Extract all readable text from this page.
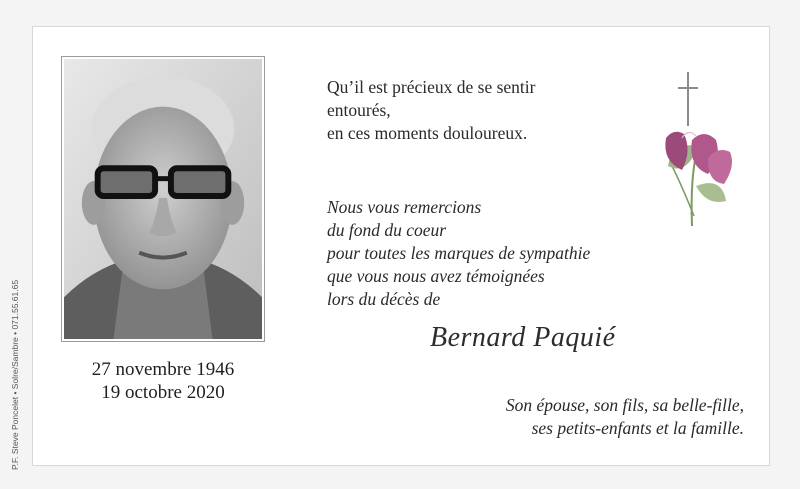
P.F. Steve Poncelet • Solre/Sambre • 071.55.61.65	27 novembre 1946
19 octobre 2020
Qu’il est précieux de se sentir
entourés,
en ces moments douloureux.
Nous vous remercions
du fond du coeur
pour toutes les marques de sympathie
que vous nous avez témoignées
lors du décès de
Bernard Paquié
Son épouse, son fils, sa belle-fille,
ses petits-enfants et la famille.
